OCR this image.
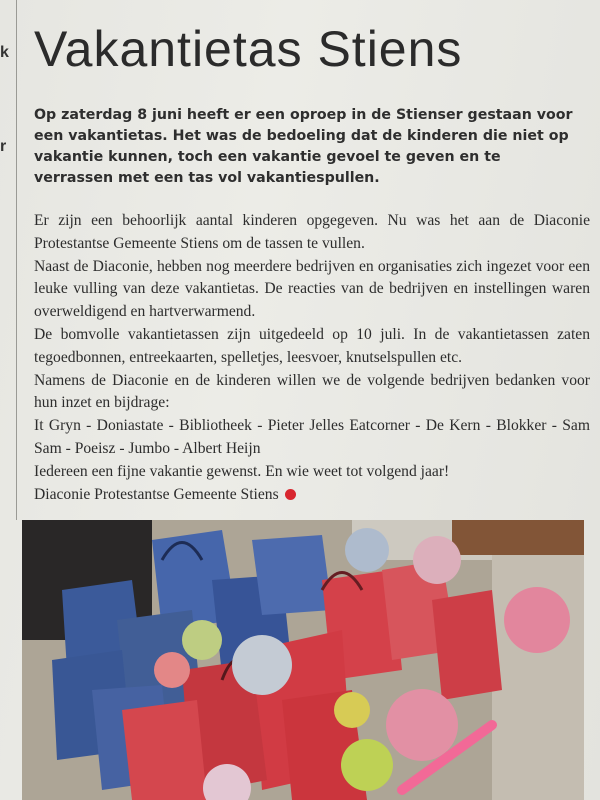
k
r
Vakantietas Stiens

Op zaterdag 8 juni heeft er een oproep in de Stienser gestaan voor een vakantietas. Het was de bedoeling dat de kinderen die niet op vakantie kunnen, toch een vakantie gevoel te geven en te verrassen met een tas vol vakantiespullen.

Er zijn een behoorlijk aantal kinderen opgegeven. Nu was het aan de Diaconie Protestantse Gemeente Stiens om de tassen te vullen.

Naast de Diaconie, hebben nog meerdere bedrijven en organisaties zich ingezet voor een leuke vulling van deze vakantietas. De reacties van de bedrijven en instellingen waren overweldigend en hartverwarmend.

De bomvolle vakantietassen zijn uitgedeeld op 10 juli. In de vakantietassen zaten tegoedbonnen, entreekaarten, spelletjes, leesvoer, knutselspullen etc.

Namens de Diaconie en de kinderen willen we de volgende bedrijven bedanken voor hun inzet en bijdrage:

It Gryn - Doniastate - Bibliotheek - Pieter Jelles Eatcorner - De Kern - Blokker - Sam Sam - Poeisz - Jumbo - Albert Heijn

Iedereen een fijne vakantie gewenst. En wie weet tot volgend jaar!

Diaconie Protestantse Gemeente Stiens
